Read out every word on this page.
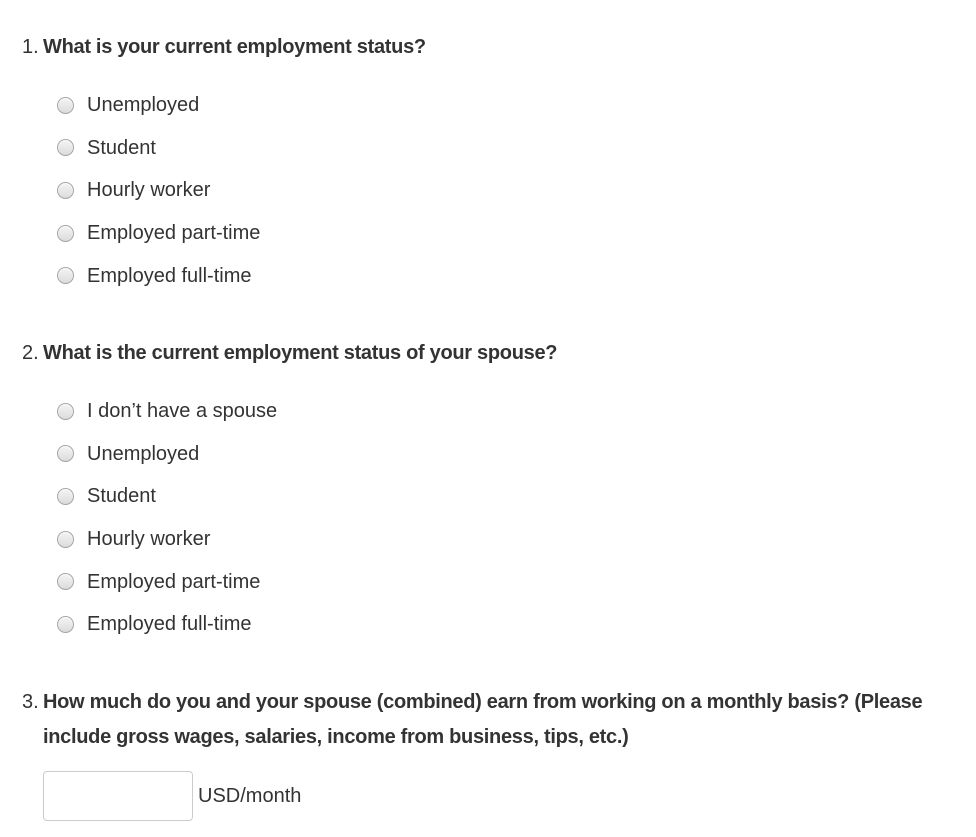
1. What is your current employment status?
Unemployed
Student
Hourly worker
Employed part-time
Employed full-time
2. What is the current employment status of your spouse?
I don’t have a spouse
Unemployed
Student
Hourly worker
Employed part-time
Employed full-time
3. How much do you and your spouse (combined) earn from working on a monthly basis? (Please include gross wages, salaries, income from business, tips, etc.)
USD/month
